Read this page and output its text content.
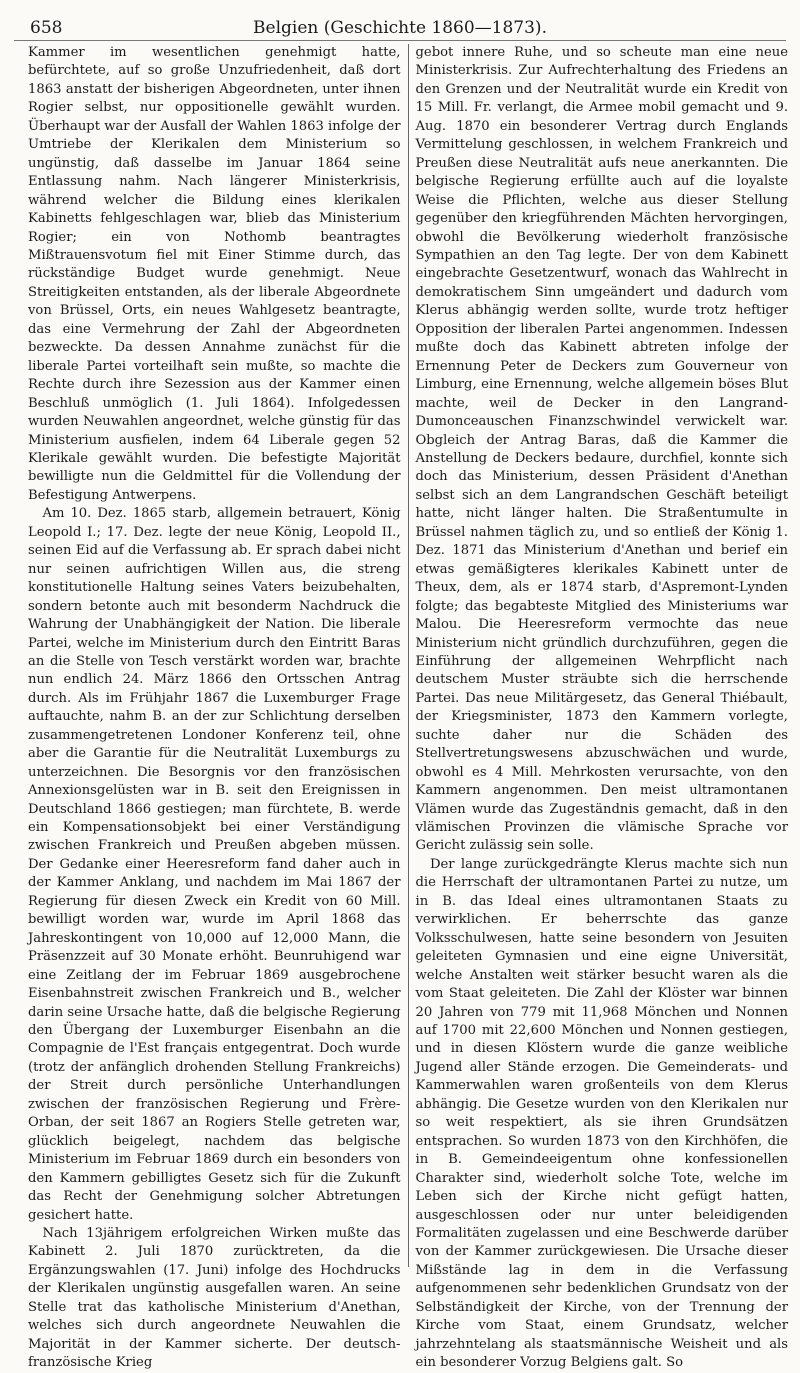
658	Belgien (Geschichte 1860—1873).

Kammer im wesentlichen genehmigt hatte, befürchtete, auf so große Unzufriedenheit, daß dort 1863 anstatt der bisherigen Abgeordneten, unter ihnen Rogier selbst, nur oppositionelle gewählt wurden. Überhaupt war der Ausfall der Wahlen 1863 infolge der Umtriebe der Klerikalen dem Ministerium so ungünstig, daß dasselbe im Januar 1864 seine Entlassung nahm. Nach längerer Ministerkrisis, während welcher die Bildung eines klerikalen Kabinetts fehlgeschlagen war, blieb das Ministerium Rogier; ein von Nothomb beantragtes Mißtrauensvotum fiel mit Einer Stimme durch, das rückständige Budget wurde genehmigt. Neue Streitigkeiten entstanden, als der liberale Abgeordnete von Brüssel, Orts, ein neues Wahlgesetz beantragte, das eine Vermehrung der Zahl der Abgeordneten bezweckte. Da dessen Annahme zunächst für die liberale Partei vorteilhaft sein mußte, so machte die Rechte durch ihre Sezession aus der Kammer einen Beschluß unmöglich (1. Juli 1864). Infolgedessen wurden Neuwahlen angeordnet, welche günstig für das Ministerium ausfielen, indem 64 Liberale gegen 52 Klerikale gewählt wurden. Die befestigte Majorität bewilligte nun die Geldmittel für die Vollendung der Befestigung Antwerpens.

Am 10. Dez. 1865 starb, allgemein betrauert, König Leopold I.; 17. Dez. legte der neue König, Leopold II., seinen Eid auf die Verfassung ab. Er sprach dabei nicht nur seinen aufrichtigen Willen aus, die streng konstitutionelle Haltung seines Vaters beizubehalten, sondern betonte auch mit besonderm Nachdruck die Wahrung der Unabhängigkeit der Nation. Die liberale Partei, welche im Ministerium durch den Eintritt Baras an die Stelle von Tesch verstärkt worden war, brachte nun endlich 24. März 1866 den Ortsschen Antrag durch. Als im Frühjahr 1867 die Luxemburger Frage auftauchte, nahm B. an der zur Schlichtung derselben zusammengetretenen Londoner Konferenz teil, ohne aber die Garantie für die Neutralität Luxemburgs zu unterzeichnen. Die Besorgnis vor den französischen Annexionsgelüsten war in B. seit den Ereignissen in Deutschland 1866 gestiegen; man fürchtete, B. werde ein Kompensationsobjekt bei einer Verständigung zwischen Frankreich und Preußen abgeben müssen. Der Gedanke einer Heeresreform fand daher auch in der Kammer Anklang, und nachdem im Mai 1867 der Regierung für diesen Zweck ein Kredit von 60 Mill. bewilligt worden war, wurde im April 1868 das Jahreskontingent von 10,000 auf 12,000 Mann, die Präsenzzeit auf 30 Monate erhöht. Beunruhigend war eine Zeitlang der im Februar 1869 ausgebrochene Eisenbahnstreit zwischen Frankreich und B., welcher darin seine Ursache hatte, daß die belgische Regierung den Übergang der Luxemburger Eisenbahn an die Compagnie de l'Est français entgegentrat. Doch wurde (trotz der anfänglich drohenden Stellung Frankreichs) der Streit durch persönliche Unterhandlungen zwischen der französischen Regierung und Frère-Orban, der seit 1867 an Rogiers Stelle getreten war, glücklich beigelegt, nachdem das belgische Ministerium im Februar 1869 durch ein besonders von den Kammern gebilligtes Gesetz sich für die Zukunft das Recht der Genehmigung solcher Abtretungen gesichert hatte.

Nach 13jährigem erfolgreichen Wirken mußte das Kabinett 2. Juli 1870 zurücktreten, da die Ergänzungswahlen (17. Juni) infolge des Hochdrucks der Klerikalen ungünstig ausgefallen waren. An seine Stelle trat das katholische Ministerium d'Anethan, welches sich durch angeordnete Neuwahlen die Majorität in der Kammer sicherte. Der deutsch-französische Krieg

gebot innere Ruhe, und so scheute man eine neue Ministerkrisis. Zur Aufrechterhaltung des Friedens an den Grenzen und der Neutralität wurde ein Kredit von 15 Mill. Fr. verlangt, die Armee mobil gemacht und 9. Aug. 1870 ein besonderer Vertrag durch Englands Vermittelung geschlossen, in welchem Frankreich und Preußen diese Neutralität aufs neue anerkannten. Die belgische Regierung erfüllte auch auf die loyalste Weise die Pflichten, welche aus dieser Stellung gegenüber den kriegführenden Mächten hervorgingen, obwohl die Bevölkerung wiederholt französische Sympathien an den Tag legte. Der von dem Kabinett eingebrachte Gesetzentwurf, wonach das Wahlrecht in demokratischem Sinn umgeändert und dadurch vom Klerus abhängig werden sollte, wurde trotz heftiger Opposition der liberalen Partei angenommen. Indessen mußte doch das Kabinett abtreten infolge der Ernennung Peter de Deckers zum Gouverneur von Limburg, eine Ernennung, welche allgemein böses Blut machte, weil de Decker in den Langrand-Dumonceauschen Finanzschwindel verwickelt war. Obgleich der Antrag Baras, daß die Kammer die Anstellung de Deckers bedaure, durchfiel, konnte sich doch das Ministerium, dessen Präsident d'Anethan selbst sich an dem Langrandschen Geschäft beteiligt hatte, nicht länger halten. Die Straßentumulte in Brüssel nahmen täglich zu, und so entließ der König 1. Dez. 1871 das Ministerium d'Anethan und berief ein etwas gemäßigteres klerikales Kabinett unter de Theux, dem, als er 1874 starb, d'Aspremont-Lynden folgte; das begabteste Mitglied des Ministeriums war Malou. Die Heeresreform vermochte das neue Ministerium nicht gründlich durchzuführen, gegen die Einführung der allgemeinen Wehrpflicht nach deutschem Muster sträubte sich die herrschende Partei. Das neue Militärgesetz, das General Thiébault, der Kriegsminister, 1873 den Kammern vorlegte, suchte daher nur die Schäden des Stellvertretungswesens abzuschwächen und wurde, obwohl es 4 Mill. Mehrkosten verursachte, von den Kammern angenommen. Den meist ultramontanen Vlämen wurde das Zugeständnis gemacht, daß in den vlämischen Provinzen die vlämische Sprache vor Gericht zulässig sein solle.

Der lange zurückgedrängte Klerus machte sich nun die Herrschaft der ultramontanen Partei zu nutze, um in B. das Ideal eines ultramontanen Staats zu verwirklichen. Er beherrschte das ganze Volksschulwesen, hatte seine besondern von Jesuiten geleiteten Gymnasien und eine eigne Universität, welche Anstalten weit stärker besucht waren als die vom Staat geleiteten. Die Zahl der Klöster war binnen 20 Jahren von 779 mit 11,968 Mönchen und Nonnen auf 1700 mit 22,600 Mönchen und Nonnen gestiegen, und in diesen Klöstern wurde die ganze weibliche Jugend aller Stände erzogen. Die Gemeinderats- und Kammerwahlen waren großenteils von dem Klerus abhängig. Die Gesetze wurden von den Klerikalen nur so weit respektiert, als sie ihren Grundsätzen entsprachen. So wurden 1873 von den Kirchhöfen, die in B. Gemeindeeigentum ohne konfessionellen Charakter sind, wiederholt solche Tote, welche im Leben sich der Kirche nicht gefügt hatten, ausgeschlossen oder nur unter beleidigenden Formalitäten zugelassen und eine Beschwerde darüber von der Kammer zurückgewiesen. Die Ursache dieser Mißstände lag in dem in die Verfassung aufgenommenen sehr bedenklichen Grundsatz von der Selbständigkeit der Kirche, von der Trennung der Kirche vom Staat, einem Grundsatz, welcher jahrzehntelang als staatsmännische Weisheit und als ein besonderer Vorzug Belgiens galt. So
